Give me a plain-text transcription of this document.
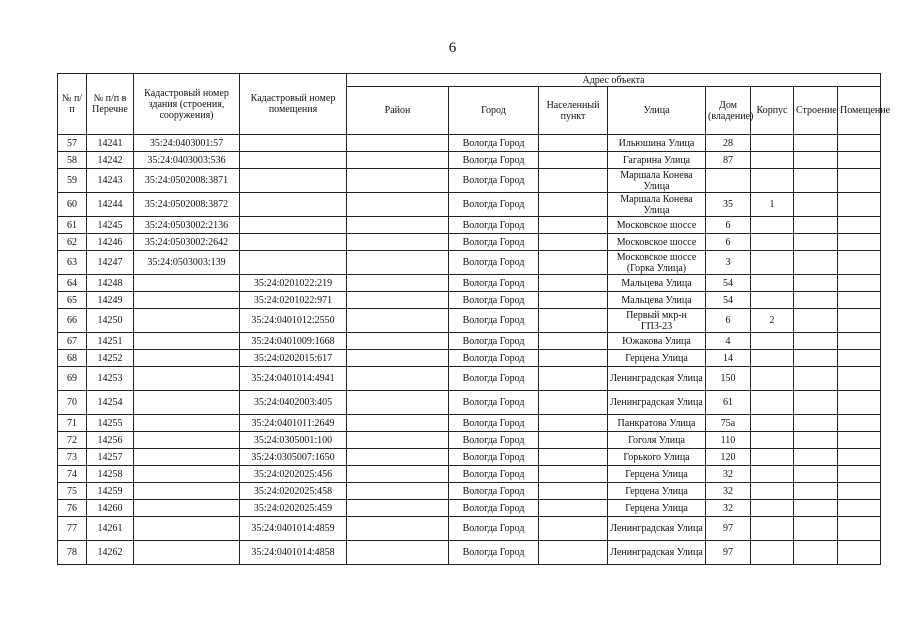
6
№ п/п	№ п/п в Перечне	Кадастровый номер здания (строения, сооружения)	Кадастровый номер помещения	Адрес объекта							
				Район	Город	Населенный пункт	Улица	Дом (владение)	Корпус	Строение	Помещение
57	14241	35:24:0403001:57			Вологда Город		Ильюшина Улица	28			
58	14242	35:24:0403003:536			Вологда Город		Гагарина Улица	87			
59	14243	35:24:0502008:3871			Вологда Город		Маршала Конева Улица				
60	14244	35:24:0502008:3872			Вологда Город		Маршала Конева Улица	35	1		
61	14245	35:24:0503002:2136			Вологда Город		Московское шоссе	6			
62	14246	35:24:0503002:2642			Вологда Город		Московское шоссе	6			
63	14247	35:24:0503003:139			Вологда Город		Московское шоссе (Горка Улица)	3			
64	14248		35:24:0201022:219		Вологда Город		Мальцева Улица	54			
65	14249		35:24:0201022:971		Вологда Город		Мальцева Улица	54			
66	14250		35:24:0401012:2550		Вологда Город		Первый мкр-н ГПЗ-23	6	2		
67	14251		35:24:0401009:1668		Вологда Город		Южакова Улица	4			
68	14252		35:24:0202015:617		Вологда Город		Герцена Улица	14			
69	14253		35:24:0401014:4941		Вологда Город		Ленинградская Улица	150			
70	14254		35:24:0402003:405		Вологда Город		Ленинградская Улица	61			
71	14255		35:24:0401011:2649		Вологда Город		Панкратова Улица	75а			
72	14256		35:24:0305001:100		Вологда Город		Гоголя Улица	110			
73	14257		35:24:0305007:1650		Вологда Город		Горького Улица	120			
74	14258		35:24:0202025:456		Вологда Город		Герцена Улица	32			
75	14259		35:24:0202025:458		Вологда Город		Герцена Улица	32			
76	14260		35:24:0202025:459		Вологда Город		Герцена Улица	32			
77	14261		35:24:0401014:4859		Вологда Город		Ленинградская Улица	97			
78	14262		35:24:0401014:4858		Вологда Город		Ленинградская Улица	97			
